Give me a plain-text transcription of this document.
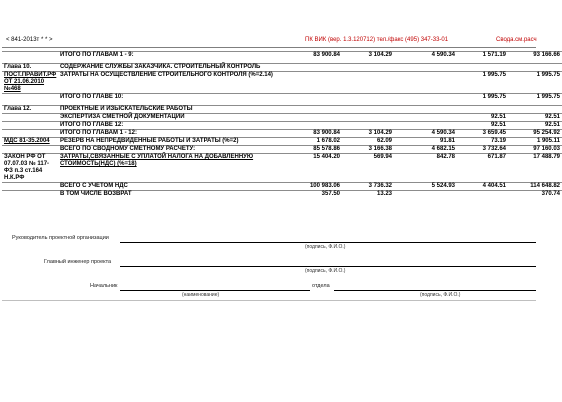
< 841-2013т * * >	ПК ВИК (вер. 1.3.120712) тел./факс (495) 347-33-01	Свода.см.расч
	ИТОГО ПО ГЛАВАМ 1 - 9:	83 900.84	3 104.29	4 590.34	1 571.19	93 166.66

Глава 10.	СОДЕРЖАНИЕ СЛУЖБЫ ЗАКАЗЧИКА. СТРОИТЕЛЬНЫЙ КОНТРОЛЬ					
ПОСТ.ПРАВИТ.РФ ОТ 21.06.2010 №468	ЗАТРАТЫ НА ОСУЩЕСТВЛЕНИЕ СТРОИТЕЛЬНОГО КОНТРОЛЯ (%=2.14)				1 995.75	1 995.75
	ИТОГО ПО ГЛАВЕ 10:				1 995.75	1 995.75

Глава 12.	ПРОЕКТНЫЕ И ИЗЫСКАТЕЛЬСКИЕ РАБОТЫ					
	ЭКСПЕРТИЗА СМЕТНОЙ ДОКУМЕНТАЦИИ				92.51	92.51
	ИТОГО ПО ГЛАВЕ 12:				92.51	92.51
	ИТОГО ПО ГЛАВАМ 1 - 12:	83 900.84	3 104.29	4 590.34	3 659.45	95 254.92
МДС 81-35.2004	РЕЗЕРВ НА НЕПРЕДВИДЕННЫЕ РАБОТЫ И ЗАТРАТЫ (%=2)	1 678.02	62.09	91.81	73.19	1 905.11
	ВСЕГО ПО СВОДНОМУ СМЕТНОМУ РАСЧЕТУ:	85 578.86	3 166.38	4 682.15	3 732.64	97 160.03
ЗАКОН РФ ОТ 07.07.03 № 117-ФЗ п.3 ст.164 Н.К.РФ	ЗАТРАТЫ,СВЯЗАННЫЕ С УПЛАТОЙ НАЛОГА НА ДОБАВЛЕННУЮ СТОИМОСТЬ(НДС) (%=18)	15 404.20	569.94	842.78	671.87	17 488.79
	ВСЕГО С УЧЕТОМ НДС	100 983.06	3 736.32	5 524.93	4 404.51	114 648.82
	В ТОМ ЧИСЛЕ ВОЗВРАТ	357.50	13.23			370.74

Руководитель проектной организации
(подпись, Ф.И.О.)
Главный инженер проекта
(подпись, Ф.И.О.)
Начальник
(наименование)
отдела
(подпись, Ф.И.О.)
